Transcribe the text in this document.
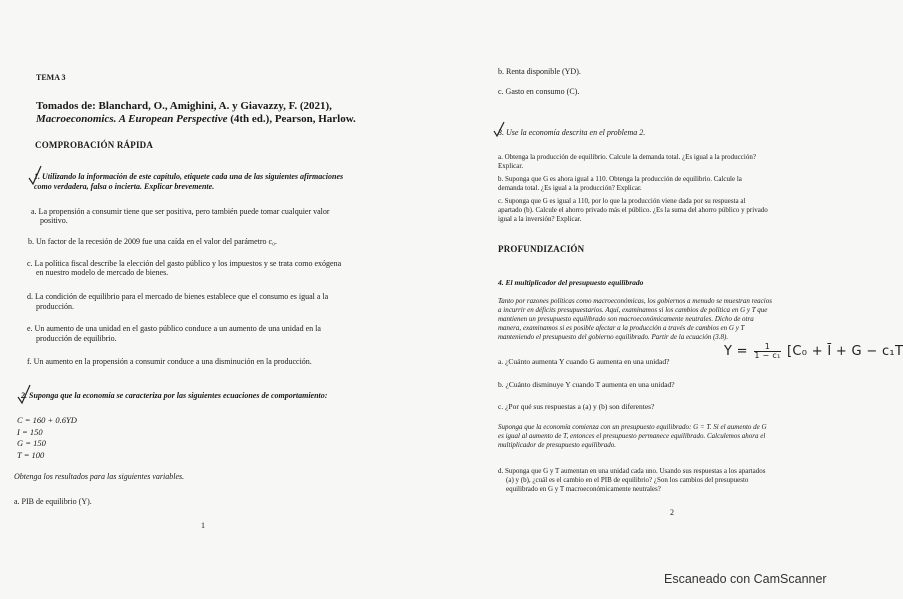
TEMA 3

Tomados de: Blanchard, O., Amighini, A. y Giavazzy, F. (2021),

Macroeconomics. A European Perspective (4th ed.), Pearson, Harlow.

COMPROBACIÓN RÁPIDA

1. Utilizando la información de este capítulo, etiquete cada una de las siguientes afirmaciones

como verdadera, falsa o incierta. Explicar brevemente.

a. La propensión a consumir tiene que ser positiva, pero también puede tomar cualquier valor

positivo.

b. Un factor de la recesión de 2009 fue una caída en el valor del parámetro c₀.

c. La política fiscal describe la elección del gasto público y los impuestos y se trata como exógena

en nuestro modelo de mercado de bienes.

d. La condición de equilibrio para el mercado de bienes establece que el consumo es igual a la

producción.

e. Un aumento de una unidad en el gasto público conduce a un aumento de una unidad en la

producción de equilibrio.

f. Un aumento en la propensión a consumir conduce a una disminución en la producción.

2. Suponga que la economía se caracteriza por las siguientes ecuaciones de comportamiento:

C = 160 + 0.6YD

I = 150

G = 150

T = 100

Obtenga los resultados para las siguientes variables.

a. PIB de equilibrio (Y).

1

b. Renta disponible (YD).

c. Gasto en consumo (C).

3. Use la economía descrita en el problema 2.

a. Obtenga la producción de equilibrio. Calcule la demanda total. ¿Es igual a la producción?

Explicar.

b. Suponga que G es ahora igual a 110. Obtenga la producción de equilibrio. Calcule la

demanda total. ¿Es igual a la producción? Explicar.

c. Suponga que G es igual a 110, por lo que la producción viene dada por su respuesta al

apartado (b). Calcule el ahorro privado más el público. ¿Es la suma del ahorro público y privado

igual a la inversión? Explicar.

PROFUNDIZACIÓN

4. El multiplicador del presupuesto equilibrado

Tanto por razones políticas como macroeconómicas, los gobiernos a menudo se muestran reacios

a incurrir en déficits presupuestarios. Aquí, examinamos si los cambios de política en G y T que

mantienen un presupuesto equilibrado son macroeconómicamente neutrales. Dicho de otra

manera, examinamos si es posible afectar a la producción a través de cambios en G y T

manteniendo el presupuesto del gobierno equilibrado. Partir de la ecuación (3.8).

a. ¿Cuánto aumenta Y cuando G aumenta en una unidad?

b. ¿Cuánto disminuye Y cuando T aumenta en una unidad?

c. ¿Por qué sus respuestas a (a) y (b) son diferentes?

Suponga que la economía comienza con un presupuesto equilibrado: G = T. Si el aumento de G

es igual al aumento de T, entonces el presupuesto permanece equilibrado. Calculemos ahora el

multiplicador de presupuesto equilibrado.

d. Suponga que G y T aumentan en una unidad cada uno. Usando sus respuestas a los apartados

(a) y (b), ¿cuál es el cambio en el PIB de equilibrio? ¿Son los cambios del presupuesto

equilibrado en G y T macroeconómicamente neutrales?

2

$Y = \frac{1}{\text{1 − c₁}} [C_0$ + Ī + G − c₁T
Escaneado con CamScanner
